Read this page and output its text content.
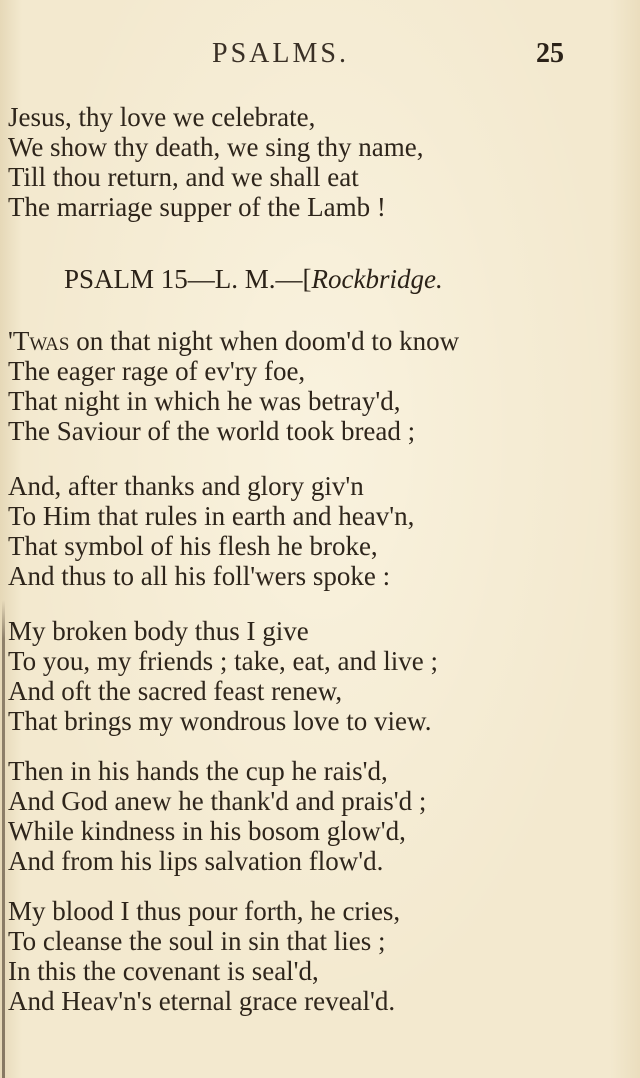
PSALMS.	25
Jesus, thy love we celebrate,
We show thy death, we sing thy name,
Till thou return, and we shall eat
The marriage supper of the Lamb !
PSALM 15—L. M.—[Rockbridge.
'Twas on that night when doom'd to know
The eager rage of ev'ry foe,
That night in which he was betray'd,
The Saviour of the world took bread ;
And, after thanks and glory giv'n
To Him that rules in earth and heav'n,
That symbol of his flesh he broke,
And thus to all his foll'wers spoke :
My broken body thus I give
To you, my friends ; take, eat, and live ;
And oft the sacred feast renew,
That brings my wondrous love to view.
Then in his hands the cup he rais'd,
And God anew he thank'd and prais'd ;
While kindness in his bosom glow'd,
And from his lips salvation flow'd.
My blood I thus pour forth, he cries,
To cleanse the soul in sin that lies ;
In this the covenant is seal'd,
And Heav'n's eternal grace reveal'd.
